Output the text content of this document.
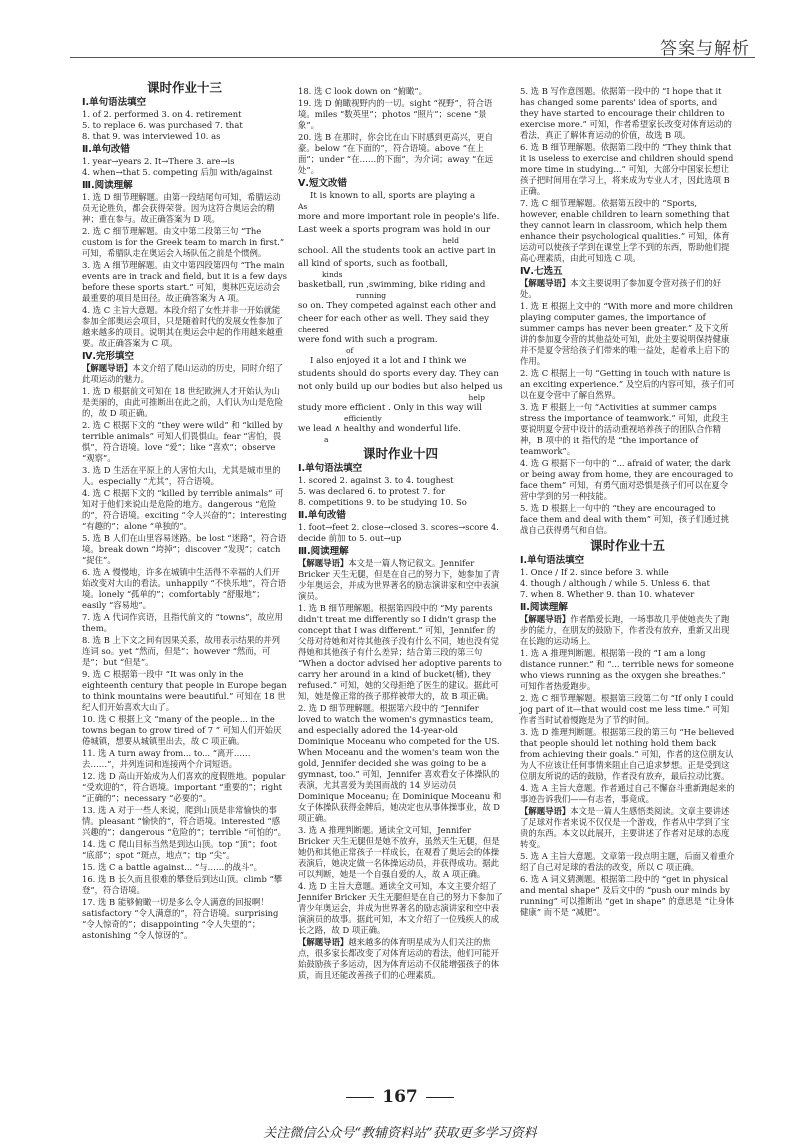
答案与解析
课时作业十三
Ⅰ.单句语法填空
1. of 2. performed 3. on 4. retirement
5. to replace 6. was purchased 7. that
8. that 9. was interviewed 10. as
Ⅱ.单句改错
1. year→years 2. It→There 3. are→is
4. when→that 5. competing 后加 with/against
Ⅲ.阅读理解
1. 选 D 细节理解题。由第一段结尾句可知，希腊运动员无论胜负，都会获得荣誉。因为这符合奥运会的精神；重在参与。故正确答案为 D 项。
2. 选 C 细节理解题。由文中第二段第三句 “The custom is for the Greek team to march in first.” 可知，希腊队走在奥运会入场队伍之前是个惯例。
3. 选 A 细节理解题。由文中第四段第四句 “The main events are in track and field, but it is a few days before these sports start.” 可知，奥林匹克运动会最重要的项目是田径。故正确答案为 A 项。
4. 选 C 主旨大意题。本段介绍了女性并非一开始就能参加全部奥运会项目，只是随着时代的发展女性参加了越来越多的项目。说明其在奥运会中起的作用越来越重要。故正确答案为 C 项。
Ⅳ.完形填空
【解题导语】本文介绍了爬山运动的历史，同时介绍了此项运动的魅力。
1. 选 D 根据前文可知在 18 世纪欧洲人才开始认为山是美丽的，由此可推断出在此之前，人们认为山是危险的，故 D 项正确。
2. 选 C 根据下文的 “they were wild” 和 “killed by terrible animals” 可知人们畏惧山。fear “害怕，畏惧”，符合语境。love “爱”；like “喜欢”；observe “观察”。
3. 选 D 生活在平原上的人害怕大山，尤其是城市里的人。especially “尤其”，符合语境。
4. 选 C 根据下文的 “killed by terrible animals” 可知对于他们来说山是危险的地方。dangerous “危险的”，符合语境。exciting “令人兴奋的”；interesting “有趣的”；alone “单独的”。
5. 选 B 人们在山里容易迷路。be lost “迷路”，符合语境。break down “垮掉”；discover “发现”；catch “捉住”。
6. 选 A 慢慢地，许多在城镇中生活得不幸福的人们开始改变对大山的看法。unhappily “不快乐地”，符合语境。lonely “孤单的”；comfortably “舒服地”；easily “容易地”。
7. 选 A 代词作宾语，且指代前文的 “towns”，故应用 them。
8. 选 B 上下文之间有因果关系，故用表示结果的并列连词 so。yet “然而，但是”；however “然而，可是”；but “但是”。
9. 选 C 根据第一段中 “It was only in the eighteenth century that people in Europe began to think mountains were beautiful.” 可知在 18 世纪人们开始喜欢大山了。
10. 选 C 根据上文 “many of the people... in the towns began to grow tired of 7 ” 可知人们开始厌倦城镇，想要从城镇里出去，故 C 项正确。
11. 选 A turn away from... to... “离开……去……”，并列连词和连接两个介词短语。
12. 选 D 高山开始成为人们喜欢的度假胜地。popular “受欢迎的”，符合语境。important “重要的”；right “正确的”；necessary “必要的”。
13. 选 A 对于一些人来说，爬到山顶是非常愉快的事情。pleasant “愉快的”，符合语境。interested “感兴趣的”；dangerous “危险的”；terrible “可怕的”。
14. 选 C 爬山目标当然是到达山顶。top “顶”；foot “底部”；spot “斑点，地点”；tip “尖”。
15. 选 C a battle against... “与……的战斗”。
16. 选 B 长久而且很难的攀登后到达山顶。climb “攀登”，符合语境。
17. 选 B 能够俯瞰一切是多么令人满意的回报啊！satisfactory “令人满意的”，符合语境。surprising “令人惊奇的”；disappointing “令人失望的”；astonishing “令人惊讶的”。
18. 选 C look down on “俯瞰”。
19. 选 D 俯瞰视野内的一切。sight “视野”，符合语境。miles “数英里”；photos “照片”；scene “景象”。
20. 选 B 在那时，你会比在山下时感到更高兴，更自豪。below “在下面的”，符合语境。above “在上面”；under “在……的下面”，为介词；away “在远处”。
Ⅴ.短文改错
It is known to all, sports are playing a
As
more and more important role in people's life.
Last week a sports program was hold in our
held
school. All the students took an active part in
all kind of sports, such as football,
kinds
basketball, run ,swimming, bike riding and
running
so on. They competed against each other and
cheer for each other as well. They said they
cheered
were fond with such a program.
of
I also enjoyed it a lot and I think we
students should do sports every day. They can
not only build up our bodies but also helped us
help
study more efficient . Only in this way will
efficiently
we lead ∧ healthy and wonderful life.
a
课时作业十四
Ⅰ.单句语法填空
1. scored 2. against 3. to 4. toughest
5. was declared 6. to protest 7. for
8. competitions 9. to be studying 10. So
Ⅱ.单句改错
1. foot→feet 2. close→closed 3. scores→score 4. decide 前加 to 5. out→up
Ⅲ.阅读理解
【解题导语】本文是一篇人物记叙文。Jennifer Bricker 天生无腿，但是在自己的努力下，她参加了青少年奥运会，并成为世界著名的励志演讲家和空中表演演员。
1. 选 B 细节理解题。根据第四段中的 “My parents didn't treat me differently so I didn't grasp the concept that I was different.” 可知，Jennifer 的父母对待她和对待其他孩子没有什么不同，她也没有觉得她和其他孩子有什么差异；结合第三段的第三句 “When a doctor advised her adoptive parents to carry her around in a kind of bucket(桶), they refused.” 可知，她的父母拒绝了医生的建议。据此可知，她是像正常的孩子那样被带大的，故 B 项正确。
2. 选 D 细节理解题。根据第六段中的 “Jennifer loved to watch the women's gymnastics team, and especially adored the 14-year-old Dominique Moceanu who competed for the US. When Moceanu and the women's team won the gold, Jennifer decided she was going to be a gymnast, too.” 可知，Jennifer 喜欢看女子体操队的表演，尤其喜爱为美国而战的 14 岁运动员 Dominique Moceanu; 在 Dominique Moceanu 和女子体操队获得金牌后，她决定也从事体操事业，故 D 项正确。
3. 选 A 推理判断题。通读全文可知，Jennifer Bricker 天生无腿但是她不放弃，虽然天生无腿，但是她仍和其他正常孩子一样成长，在观看了奥运会的体操表演后，她决定做一名体操运动员，并获得成功。据此可以判断，她是一个自强自爱的人，故 A 项正确。
4. 选 D 主旨大意题。通读全文可知，本文主要介绍了 Jennifer Bricker 天生无腿但是在自己的努力下参加了青少年奥运会，并成为世界著名的励志演讲家和空中表演演员的故事。据此可知，本文介绍了一位残疾人的成长之路，故 D 项正确。
【解题导语】越来越多的体育明星成为人们关注的焦点，很多家长都改变了对体育运动的看法，他们可能开始鼓励孩子多运动，因为体育运动不仅能增强孩子的体质，而且还能改善孩子们的心理素质。
5. 选 B 写作意图题。依据第一段中的 “I hope that it has changed some parents' idea of sports, and they have started to encourage their children to exercise more.” 可知，作者希望家长改变对体育运动的看法，真正了解体育运动的价值，故选 B 项。
6. 选 B 细节理解题。依据第二段中的 “They think that it is useless to exercise and children should spend more time in studying...” 可知，大部分中国家长想让孩子把时间用在学习上，将来成为专业人才，因此选项 B 正确。
7. 选 C 细节理解题。依据第五段中的 “Sports, however, enable children to learn something that they cannot learn in classroom, which help them enhance their psychological qualities.” 可知，体育运动可以使孩子学到在课堂上学不到的东西，帮助他们提高心理素质，由此可知选 C 项。
Ⅳ.七选五
【解题导语】本文主要说明了参加夏令营对孩子们的好处。
1. 选 E 根据上文中的 “With more and more children playing computer games, the importance of summer camps has never been greater.” 及下文所讲的参加夏令营的其他益处可知，此处主要说明保持健康并不是夏令营给孩子们带来的唯一益处，起着承上启下的作用。
2. 选 C 根据上一句 “Getting in touch with nature is an exciting experience.” 及空后的内容可知，孩子们可以在夏令营中了解自然界。
3. 选 F 根据上一句 “Activities at summer camps stress the importance of teamwork.” 可知，此段主要说明夏令营中设计的活动重视培养孩子的团队合作精神，B 项中的 it 指代的是 “the importance of teamwork”。
4. 选 G 根据下一句中的 “... afraid of water, the dark or being away from home, they are encouraged to face them” 可知，有勇气面对恐惧是孩子们可以在夏令营中学到的另一种技能。
5. 选 D 根据上一句中的 “they are encouraged to face them and deal with them” 可知，孩子们通过挑战自己获得勇气和自信。
课时作业十五
Ⅰ.单句语法填空
1. Once / If 2. since before 3. while
4. though / although / while 5. Unless 6. that
7. when 8. Whether 9. than 10. whatever
Ⅱ.阅读理解
【解题导语】作者酷爱长跑，一场事故几乎使她丧失了跑步的能力，在朋友的鼓励下，作者没有放弃，重新又出现在长跑的运动场上。
1. 选 A 推理判断题。根据第一段的 “I am a long distance runner.” 和 “... terrible news for someone who views running as the oxygen she breathes.” 可知作者热爱跑步。
2. 选 C 细节理解题。根据第三段第二句 “If only I could jog part of it—that would cost me less time.” 可知作者当时试着慢跑是为了节约时间。
3. 选 D 推理判断题。根据第三段的第三句 “He believed that people should let nothing hold them back from achieving their goals.” 可知，作者的这位朋友认为人不应该让任何事情来阻止自己追求梦想。正是受到这位朋友所说的话的鼓励，作者没有放弃，最后拉动比赛。
4. 选 A 主旨大意题。作者通过自己不懈奋斗重新跑起来的事迹告诉我们——有志者，事竟成。
【解题导语】本文是一篇人生感悟类阅读。文章主要讲述了足球对作者来说不仅仅是一个游戏，作者从中学到了宝贵的东西。本文以此展开，主要讲述了作者对足球的态度转变。
5. 选 A 主旨大意题。文章第一段点明主题，后面又着重介绍了自己对足球的看法的改变，所以 C 项正确。
6. 选 A 词义猜测题。根据第二段中的 “get in physical and mental shape” 及后文中的 “push our minds by running” 可以推断出 “get in shape” 的意思是 “让身体健康” 而不是 “减肥”。
167
关注微信公众号“教辅资料站”获取更多学习资料
